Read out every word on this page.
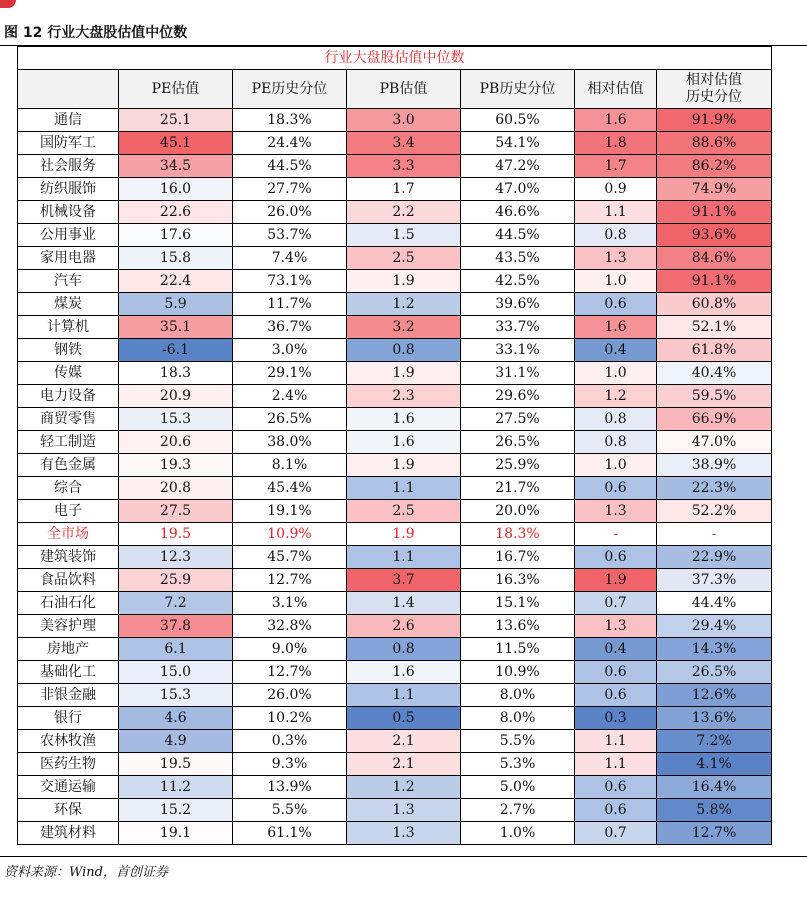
图 12 行业大盘股估值中位数
行业大盘股估值中位数						
	PE估值	PE历史分位	PB估值	PB历史分位	相对估值	相对估值
历史分位
通信	25.1	18.3%	3.0	60.5%	1.6	91.9%
国防军工	45.1	24.4%	3.4	54.1%	1.8	88.6%
社会服务	34.5	44.5%	3.3	47.2%	1.7	86.2%
纺织服饰	16.0	27.7%	1.7	47.0%	0.9	74.9%
机械设备	22.6	26.0%	2.2	46.6%	1.1	91.1%
公用事业	17.6	53.7%	1.5	44.5%	0.8	93.6%
家用电器	15.8	7.4%	2.5	43.5%	1.3	84.6%
汽车	22.4	73.1%	1.9	42.5%	1.0	91.1%
煤炭	5.9	11.7%	1.2	39.6%	0.6	60.8%
计算机	35.1	36.7%	3.2	33.7%	1.6	52.1%
钢铁	-6.1	3.0%	0.8	33.1%	0.4	61.8%
传媒	18.3	29.1%	1.9	31.1%	1.0	40.4%
电力设备	20.9	2.4%	2.3	29.6%	1.2	59.5%
商贸零售	15.3	26.5%	1.6	27.5%	0.8	66.9%
轻工制造	20.6	38.0%	1.6	26.5%	0.8	47.0%
有色金属	19.3	8.1%	1.9	25.9%	1.0	38.9%
综合	20.8	45.4%	1.1	21.7%	0.6	22.3%
电子	27.5	19.1%	2.5	20.0%	1.3	52.2%
全市场	19.5	10.9%	1.9	18.3%	-	-
建筑装饰	12.3	45.7%	1.1	16.7%	0.6	22.9%
食品饮料	25.9	12.7%	3.7	16.3%	1.9	37.3%
石油石化	7.2	3.1%	1.4	15.1%	0.7	44.4%
美容护理	37.8	32.8%	2.6	13.6%	1.3	29.4%
房地产	6.1	9.0%	0.8	11.5%	0.4	14.3%
基础化工	15.0	12.7%	1.6	10.9%	0.6	26.5%
非银金融	15.3	26.0%	1.1	8.0%	0.6	12.6%
银行	4.6	10.2%	0.5	8.0%	0.3	13.6%
农林牧渔	4.9	0.3%	2.1	5.5%	1.1	7.2%
医药生物	19.5	9.3%	2.1	5.3%	1.1	4.1%
交通运输	11.2	13.9%	1.2	5.0%	0.6	16.4%
环保	15.2	5.5%	1.3	2.7%	0.6	5.8%
建筑材料	19.1	61.1%	1.3	1.0%	0.7	12.7%
资料来源：Wind，首创证券
